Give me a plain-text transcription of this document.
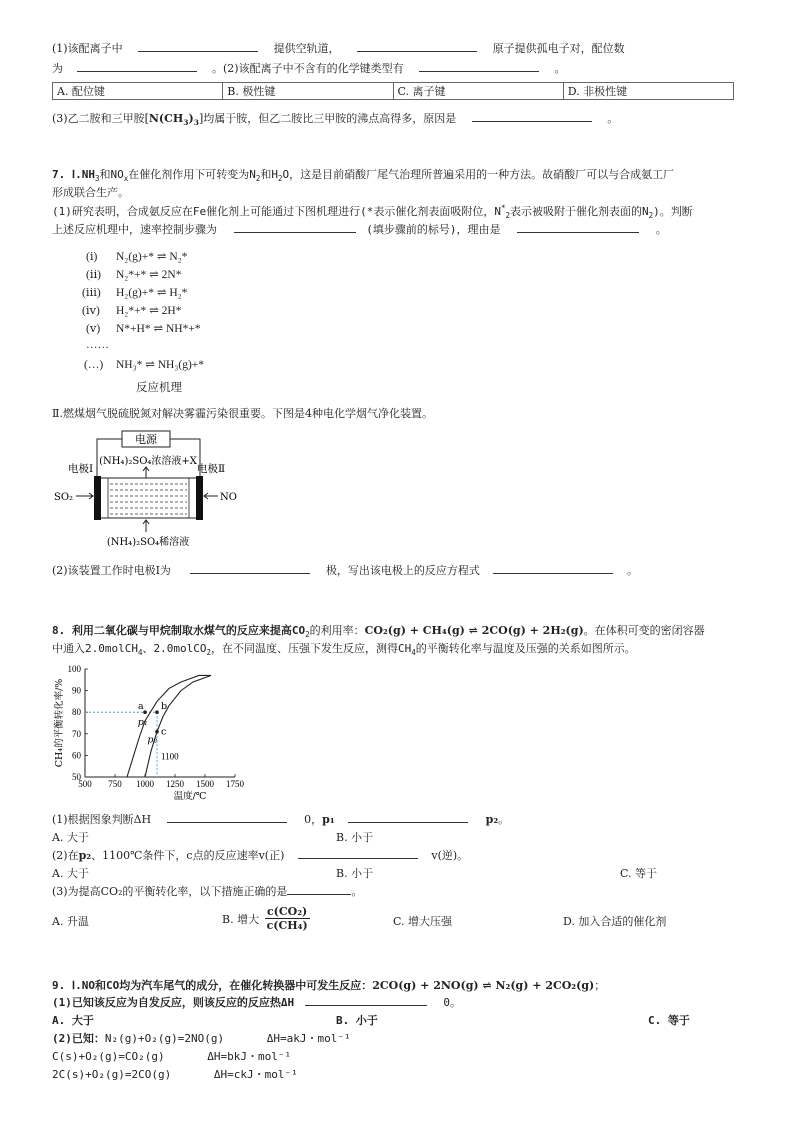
(1)该配离子中	提供空轨道，	原子提供孤电子对，配位数
为	。(2)该配离子中不含有的化学键类型有	。
A. 配位键	B. 极性键	C. 离子键	D. 非极性键
(3)乙二胺和三甲胺$[N(CH_3)_3]$均属于胺，但乙二胺比三甲胺的沸点高得多，原因是	。
7. $Ⅰ.NH_3$和$NO_x$在催化剂作用下可转变为$N_2$和$H_2O$，这是目前硝酸厂尾气治理所普遍采用的一种方法。故硝酸厂可以与合成氨工厂
形成联合生产。
(1)研究表明，合成氨反应在Fe催化剂上可能通过下图机理进行(*表示催化剂表面吸附位，$N^*_2$表示被吸附于催化剂表面的$N_2$)。判断
上述反应机理中，速率控制步骤为	(填步骤前的标号)，理由是	。
(ⅰ) N₂(g)+* ⇌ N₂*
(ⅱ) N₂*+* ⇌ 2N*
(ⅲ) H₂(g)+* ⇌ H₂*
(ⅳ) H₂*+* ⇌ 2H*
(ⅴ) N*+H* ⇌ NH*+*
……
(…) NH₃* ⇌ NH₃(g)+*
反应机理
Ⅱ.燃煤烟气脱硫脱氮对解决雾霾污染很重要。下图是4种电化学烟气净化装置。
电源
(NH₄)₂SO₄浓溶液+X
(NH₄)₂SO₄稀溶液
电极Ⅰ	电极Ⅱ
SO₂	NO
(2)该装置工作时电极Ⅰ为	极，写出该电极上的反应方程式	。
8. 利用二氧化碳与甲烷制取水煤气的反应来提高$CO_2$的利用率：CO₂(g) + CH₄(g) ⇌ 2CO(g) + 2H₂(g)。在体积可变的密闭容器
中通入2.0molCH$_4$、2.0molCO$_2$，在不同温度、压强下发生反应，测得$CH_4$的平衡转化率与温度及压强的关系如图所示。
50
60
70
80
90
100
500 750 1000 1250 1500 1750
温度/℃
CH₄的平衡转化率/%	p₁
p₂
a b
c
1100
(1)根据图象判断ΔH	0，p₁	p₂。
A. 大于	B. 小于
(2)在p₂、1100℃条件下，c点的反应速率v(正)	v(逆)。
A. 大于	B. 小于	C. 等于
(3)为提高CO₂的平衡转化率，以下措施正确的是	。
A. 升温	B. 增大 $\frac{\text{c(CO₂)}}{\text{c(CH₄)}}$	C. 增大压强	D. 加入合适的催化剂
9. Ⅰ.NO和CO均为汽车尾气的成分，在催化转换器中可发生反应：2CO(g) + 2NO(g) ⇌ N₂(g) + 2CO₂(g)；
(1)已知该反应为自发反应，则该反应的反应热ΔH	0。
A. 大于	B. 小于	C. 等于
(2)已知：N₂(g)+O₂(g)=2NO(g)	ΔH=akJ・mol⁻¹
C(s)+O₂(g)=CO₂(g)	ΔH=bkJ・mol⁻¹
2C(s)+O₂(g)=2CO(g)	ΔH=ckJ・mol⁻¹
